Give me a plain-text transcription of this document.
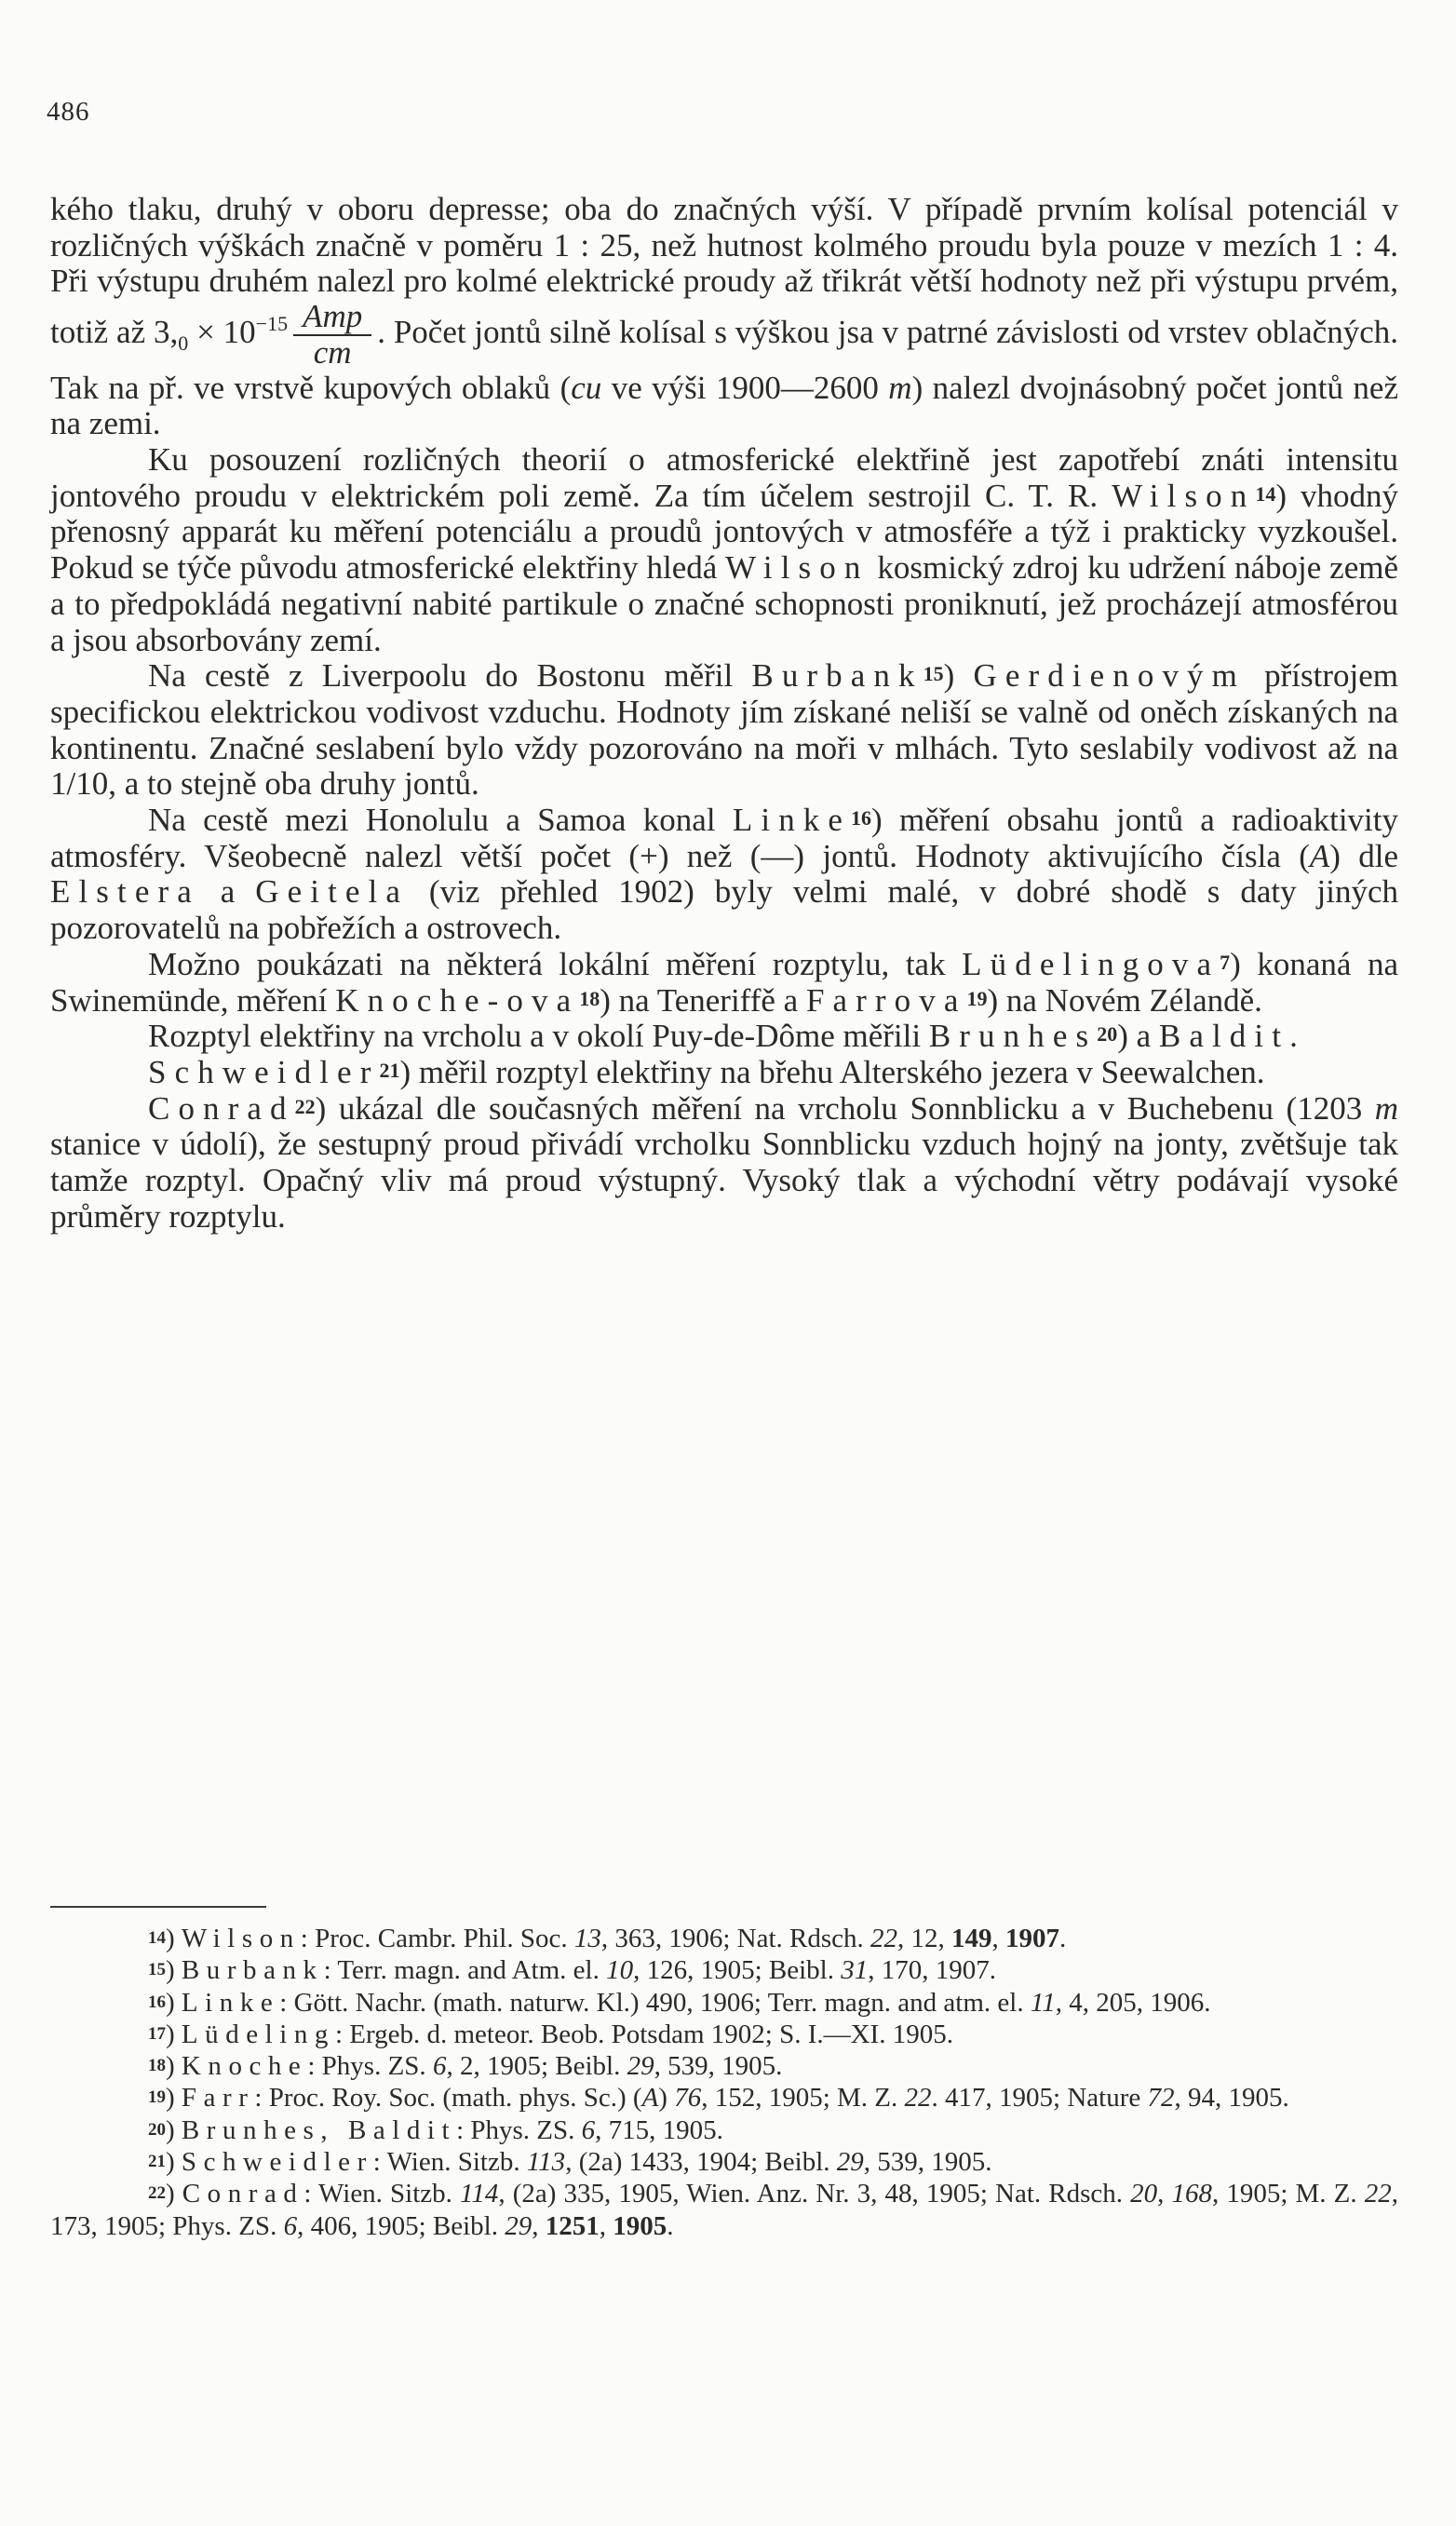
486

kého tlaku, druhý v oboru depresse; oba do značných výší. V případě prvním kolísal potenciál v rozličných výškách značně v poměru 1 : 25, než hutnost kolmého proudu byla pouze v mezích 1 : 4. Při výstupu druhém nalezl pro kolmé elektrické proudy až třikrát větší hodnoty než při výstupu prvém, totiž až $3,_0 \times 10^{-15} \frac{\text{Amp}}{cm}$ . Počet jontů silně kolísal s výškou jsa v patrné závislosti od vrstev oblačných. Tak na př. ve vrstvě kupových oblaků (cu ve výši 1900—2600 m) nalezl dvojnásobný počet jontů než na zemi.

Ku posouzení rozličných theorií o atmosferické elektřině jest zapotřebí znáti intensitu jontového proudu v elektrickém poli země. Za tím účelem sestrojil C. T. R. Wilson$^{14}$) vhodný přenosný apparát ku měření potenciálu a proudů jontových v atmosféře a týž i prakticky vyzkoušel. Pokud se týče původu atmosferické elektřiny hledá Wilson kosmický zdroj ku udržení náboje země a to předpokládá negativní nabité partikule o značné schopnosti proniknutí, jež procházejí atmosférou a jsou absorbovány zemí.

Na cestě z Liverpoolu do Bostonu měřil Burbank$^{15}$) Gerdienovým přístrojem specifickou elektrickou vodivost vzduchu. Hodnoty jím získané neliší se valně od oněch získaných na kontinentu. Značné seslabení bylo vždy pozorováno na moři v mlhách. Tyto seslabily vodivost až na 1/10, a to stejně oba druhy jontů.

Na cestě mezi Honolulu a Samoa konal Linke$^{16}$) měření obsahu jontů a radioaktivity atmosféry. Všeobecně nalezl větší počet (+) než (—) jontů. Hodnoty aktivujícího čísla (A) dle Elstera a Geitela (viz přehled 1902) byly velmi malé, v dobré shodě s daty jiných pozorovatelů na pobřežích a ostrovech.

Možno poukázati na některá lokální měření rozptylu, tak Lüdelingova$^7$) konaná na Swinemünde, měření Knoche-ova$^{18}$) na Teneriffě a Farrova$^{19}$) na Novém Zélandě.

Rozptyl elektřiny na vrcholu a v okolí Puy-de-Dôme měřili Brunhes$^{20}$) a Baldit.

Schweidler$^{21}$) měřil rozptyl elektřiny na břehu Alterského jezera v Seewalchen.

Conrad$^{22}$) ukázal dle současných měření na vrcholu Sonnblicku a v Buchebenu (1203 m stanice v údolí), že sestupný proud přivádí vrcholku Sonnblicku vzduch hojný na jonty, zvětšuje tak tamže rozptyl. Opačný vliv má proud výstupný. Vysoký tlak a východní větry podávají vysoké průměry rozptylu.

$^{14}$) Wilson: Proc. Cambr. Phil. Soc. 13, 363, 1906; Nat. Rdsch. 22, 12, 149, 1907.

$^{15}$) Burbank: Terr. magn. and Atm. el. 10, 126, 1905; Beibl. 31, 170, 1907.

$^{16}$) Linke: Gött. Nachr. (math. naturw. Kl.) 490, 1906; Terr. magn. and atm. el. 11, 4, 205, 1906.

$^{17}$) Lüdeling: Ergeb. d. meteor. Beob. Potsdam 1902; S. I.—XI. 1905.

$^{18}$) Knoche: Phys. ZS. 6, 2, 1905; Beibl. 29, 539, 1905.

$^{19}$) Farr: Proc. Roy. Soc. (math. phys. Sc.) (A) 76, 152, 1905; M. Z. 22. 417, 1905; Nature 72, 94, 1905.

$^{20}$) Brunhes, Baldit: Phys. ZS. 6, 715, 1905.

$^{21}$) Schweidler: Wien. Sitzb. 113, (2a) 1433, 1904; Beibl. 29, 539, 1905.

$^{22}$) Conrad: Wien. Sitzb. 114, (2a) 335, 1905, Wien. Anz. Nr. 3, 48, 1905; Nat. Rdsch. 20, 168, 1905; M. Z. 22, 173, 1905; Phys. ZS. 6, 406, 1905; Beibl. 29, 1251, 1905.
